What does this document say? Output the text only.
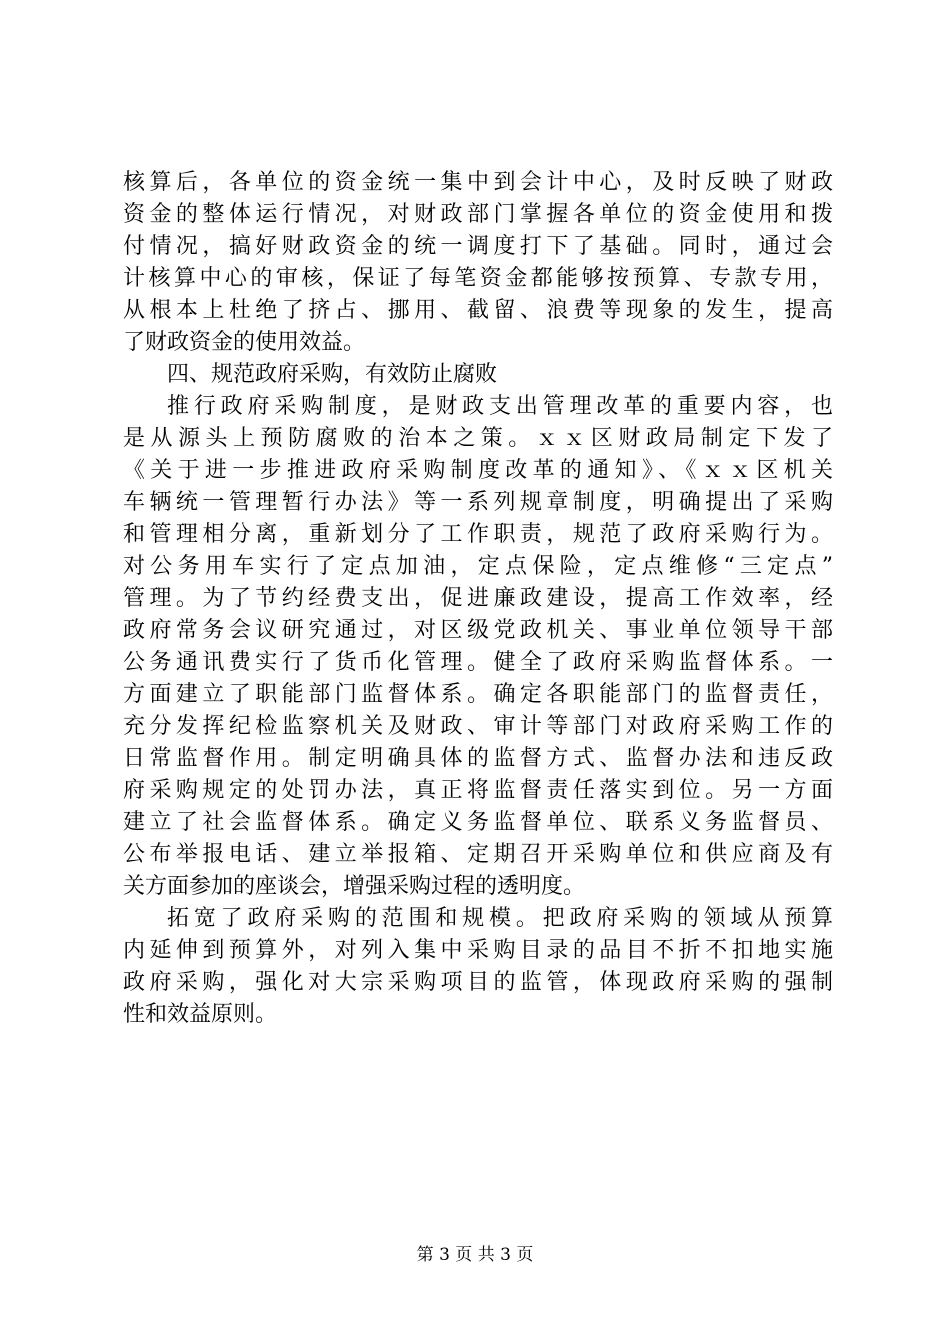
核算后，各单位的资金统一集中到会计中心，及时反映了财政
资金的整体运行情况，对财政部门掌握各单位的资金使用和拨
付情况，搞好财政资金的统一调度打下了基础。同时，通过会
计核算中心的审核，保证了每笔资金都能够按预算、专款专用，
从根本上杜绝了挤占、挪用、截留、浪费等现象的发生，提高
了财政资金的使用效益。
四、规范政府采购，有效防止腐败
推行政府采购制度，是财政支出管理改革的重要内容，也
是从源头上预防腐败的治本之策。ｘｘ区财政局制定下发了
《关于进一步推进政府采购制度改革的通知》、《ｘｘ区机关
车辆统一管理暂行办法》等一系列规章制度，明确提出了采购
和管理相分离，重新划分了工作职责，规范了政府采购行为。
对公务用车实行了定点加油，定点保险，定点维修“三定点”
管理。为了节约经费支出，促进廉政建设，提高工作效率，经
政府常务会议研究通过，对区级党政机关、事业单位领导干部
公务通讯费实行了货币化管理。健全了政府采购监督体系。一
方面建立了职能部门监督体系。确定各职能部门的监督责任，
充分发挥纪检监察机关及财政、审计等部门对政府采购工作的
日常监督作用。制定明确具体的监督方式、监督办法和违反政
府采购规定的处罚办法，真正将监督责任落实到位。另一方面
建立了社会监督体系。确定义务监督单位、联系义务监督员、
公布举报电话、建立举报箱、定期召开采购单位和供应商及有
关方面参加的座谈会，增强采购过程的透明度。
拓宽了政府采购的范围和规模。把政府采购的领域从预算
内延伸到预算外，对列入集中采购目录的品目不折不扣地实施
政府采购，强化对大宗采购项目的监管，体现政府采购的强制
性和效益原则。
第 3 页 共 3 页
